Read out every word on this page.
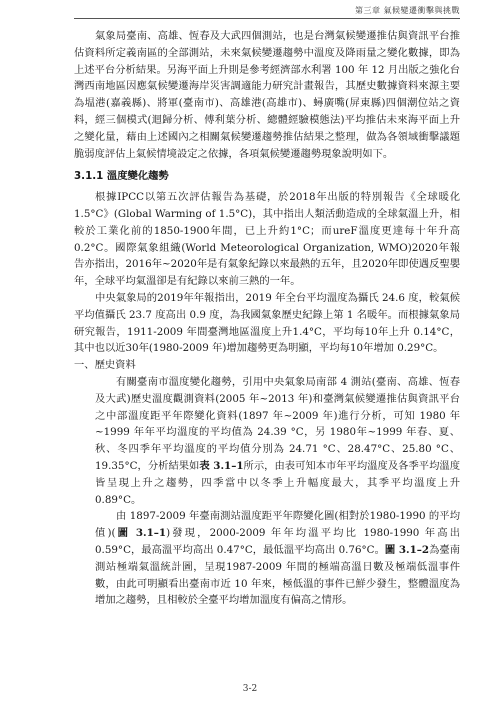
第三章 氣候變遷衝擊與挑戰

氣象局臺南、高雄、恆春及大武四個測站，也是台灣氣候變遷推估與資訊平台推估資料所定義南區的全部測站，未來氣候變遷趨勢中溫度及降雨量之變化數據，即為上述平台分析結果。另海平面上升則是參考經濟部水利署 100 年 12 月出版之強化台灣西南地區因應氣候變遷海岸災害調適能力研究計畫報告，其歷史數據資料來源主要為塭港(嘉義縣)、將軍(臺南市)、高雄港(高雄市)、蟳廣嘴(屏東縣)四個潮位站之資料，經三個模式(迴歸分析、傅利葉分析、總體經驗模態法)平均推估未來海平面上升之變化量，藉由上述國內之相關氣候變遷趨勢推估結果之整理，做為各領域衝擊議題脆弱度評估上氣候情境設定之依據，各項氣候變遷趨勢現象說明如下。

3.1.1 溫度變化趨勢

根據IPCC以第五次評估報告為基礎，於2018年出版的特別報告《全球暖化1.5°C》(Global Warming of 1.5°C)，其中指出人類活動造成的全球氣溫上升，相較於工業化前的1850-1900年間，已上升約1°C；而ureF溫度更達每十年升高0.2°C。國際氣象組織(World Meteorological Organization, WMO)2020年報告亦指出，2016年~2020年是有氣象紀錄以來最熱的五年，且2020年即使遇反聖嬰年，全球平均氣溫卻是有紀錄以來前三熱的一年。

中央氣象局的2019年年報指出，2019 年全台平均溫度為攝氏 24.6 度，較氣候平均值攝氏 23.7 度高出 0.9 度，為我國氣象歷史紀錄上第 1 名暖年。而根據氣象局研究報告，1911-2009 年間臺灣地區溫度上升1.4°C，平均每10年上升 0.14°C，其中也以近30年(1980-2009 年)增加趨勢更為明顯，平均每10年增加 0.29°C。

一、歷史資料

有關臺南市溫度變化趨勢，引用中央氣象局南部 4 測站(臺南、高雄、恆春及大武)歷史溫度觀測資料(2005 年~2013 年)和臺灣氣候變遷推估與資訊平台之中部溫度距平年際變化資料(1897 年~2009 年)進行分析，可知 1980 年~1999 年年平均溫度的平均值為 24.39 °C，另 1980年~1999 年春、夏、秋、冬四季年平均溫度的平均值分別為 24.71 °C、28.47°C、25.80 °C、19.35°C，分析結果如表 3.1–1所示，由表可知本市年平均溫度及各季平均溫度皆呈現上升之趨勢，四季當中以冬季上升幅度最大，其季平均溫度上升 0.89°C。

由 1897-2009 年臺南測站溫度距平年際變化圖(相對於1980-1990 的平均值)(圖 3.1–1)發現，2000-2009 年年均溫平均比 1980-1990 年高出 0.59°C，最高溫平均高出 0.47°C，最低溫平均高出 0.76°C。圖 3.1–2為臺南測站極端氣溫統計圖，呈現1987-2009 年間的極端高溫日數及極端低溫事件數，由此可明顯看出臺南市近 10 年來，極低溫的事件已鮮少發生，整體溫度為增加之趨勢，且相較於全臺平均增加溫度有偏高之情形。

3-2
